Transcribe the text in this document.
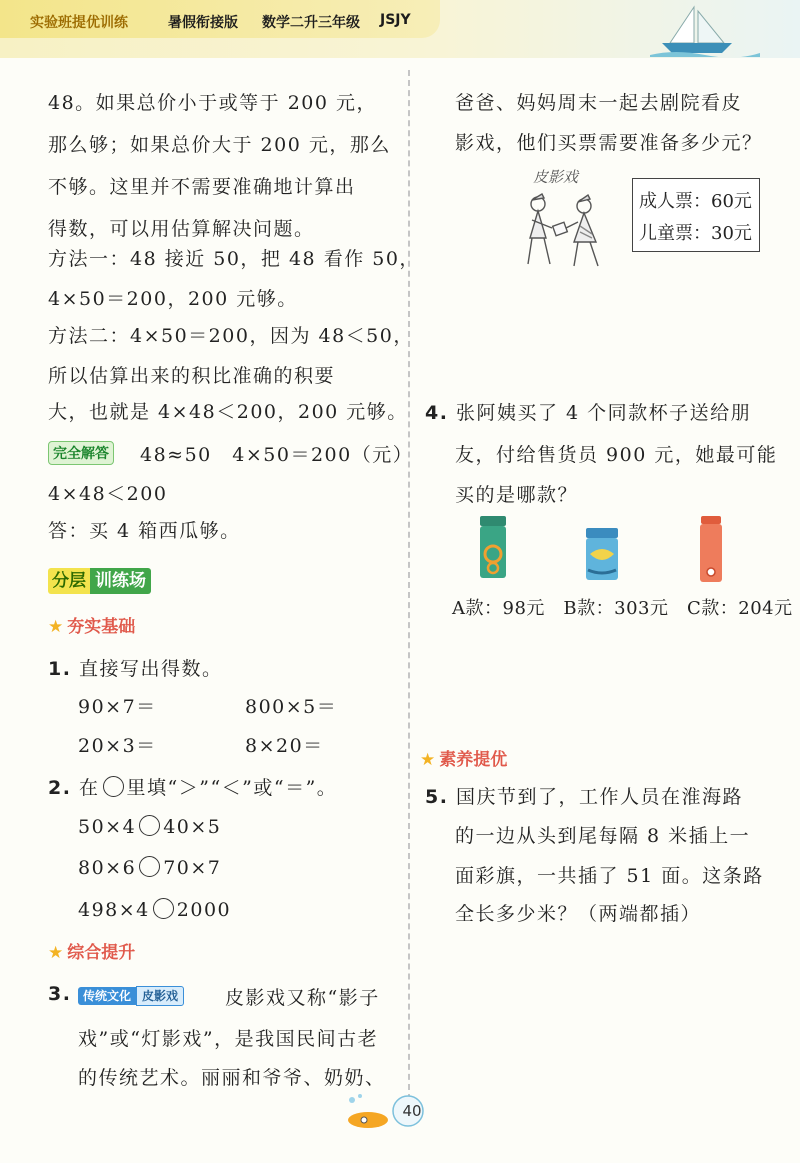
实验班提优训练	暑假衔接版 数学二升三年级 JSJY
48。如果总价小于或等于 200 元，
那么够；如果总价大于 200 元，那么
不够。这里并不需要准确地计算出
得数，可以用估算解决问题。
方法一：48 接近 50，把 48 看作 50，
4×50＝200，200 元够。
方法二：4×50＝200，因为 48＜50，
所以估算出来的积比准确的积要
大，也就是 4×48＜200，200 元够。
完全解答 48≈50　4×50＝200（元）
4×48＜200
答：买 4 箱西瓜够。
分层 训练场
★ 夯实基础
1. 直接写出得数。
90×7＝	800×5＝
20×3＝	8×20＝
2. 在 里填“＞”“＜”或“＝”。
50×4 40×5
80×6 70×7
498×4 2000
★ 综合提升
3. 传统文化 皮影戏	皮影戏又称“影子
戏”或“灯影戏”，是我国民间古老
的传统艺术。丽丽和爷爷、奶奶、
爸爸、妈妈周末一起去剧院看皮
影戏，他们买票需要准备多少元？
皮影戏
成人票：60元
儿童票：30元
4. 张阿姨买了 4 个同款杯子送给朋
友，付给售货员 900 元，她最可能
买的是哪款？
A款：98元　B款：303元　C款：204元
★ 素养提优
5. 国庆节到了，工作人员在淮海路
的一边从头到尾每隔 8 米插上一
面彩旗，一共插了 51 面。这条路
全长多少米？（两端都插）
40
